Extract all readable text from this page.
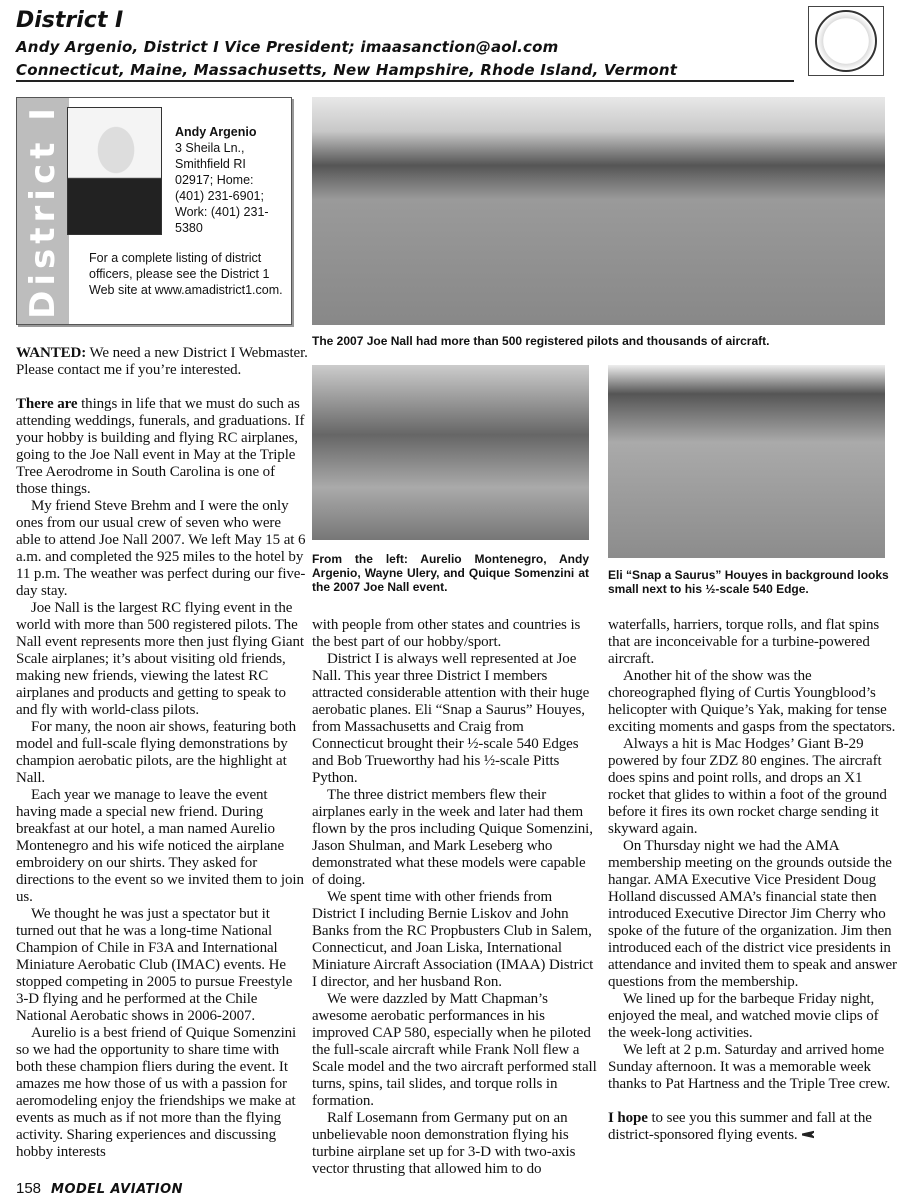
District I
Andy Argenio, District I Vice President; imaasanction@aol.com
Connecticut, Maine, Massachusetts, New Hampshire, Rhode Island, Vermont
District I	Andy Argenio
3 Sheila Ln.,
Smithfield RI
02917; Home:
(401) 231-6901;
Work: (401) 231-
5380
For a complete listing of district officers, please see the District 1 Web site at www.amadistrict1.com.
The 2007 Joe Nall had more than 500 registered pilots and thousands of aircraft.
From the left: Aurelio Montenegro, Andy Argenio, Wayne Ulery, and Quique Somenzini at the 2007 Joe Nall event.
Eli “Snap a Saurus” Houyes in background looks small next to his ½-scale 540 Edge.

WANTED: We need a new District I Webmaster. Please contact me if you’re interested.

There are things in life that we must do such as attending weddings, funerals, and graduations. If your hobby is building and flying RC airplanes, going to the Joe Nall event in May at the Triple Tree Aerodrome in South Carolina is one of those things.

My friend Steve Brehm and I were the only ones from our usual crew of seven who were able to attend Joe Nall 2007. We left May 15 at 6 a.m. and completed the 925 miles to the hotel by 11 p.m. The weather was perfect during our five-day stay.

Joe Nall is the largest RC flying event in the world with more than 500 registered pilots. The Nall event represents more then just flying Giant Scale airplanes; it’s about visiting old friends, making new friends, viewing the latest RC airplanes and products and getting to speak to and fly with world-class pilots.

For many, the noon air shows, featuring both model and full-scale flying demonstrations by champion aerobatic pilots, are the highlight at Nall.

Each year we manage to leave the event having made a special new friend. During breakfast at our hotel, a man named Aurelio Montenegro and his wife noticed the airplane embroidery on our shirts. They asked for directions to the event so we invited them to join us.

We thought he was just a spectator but it turned out that he was a long-time National Champion of Chile in F3A and International Miniature Aerobatic Club (IMAC) events. He stopped competing in 2005 to pursue Freestyle 3-D flying and he performed at the Chile National Aerobatic shows in 2006-2007.

Aurelio is a best friend of Quique Somenzini so we had the opportunity to share time with both these champion fliers during the event. It amazes me how those of us with a passion for aeromodeling enjoy the friendships we make at events as much as if not more than the flying activity. Sharing experiences and discussing hobby interests

with people from other states and countries is the best part of our hobby/sport.

District I is always well represented at Joe Nall. This year three District I members attracted considerable attention with their huge aerobatic planes. Eli “Snap a Saurus” Houyes, from Massachusetts and Craig from Connecticut brought their ½-scale 540 Edges and Bob Trueworthy had his ½-scale Pitts Python.

The three district members flew their airplanes early in the week and later had them flown by the pros including Quique Somenzini, Jason Shulman, and Mark Leseberg who demonstrated what these models were capable of doing.

We spent time with other friends from District I including Bernie Liskov and John Banks from the RC Propbusters Club in Salem, Connecticut, and Joan Liska, International Miniature Aircraft Association (IMAA) District I director, and her husband Ron.

We were dazzled by Matt Chapman’s awesome aerobatic performances in his improved CAP 580, especially when he piloted the full-scale aircraft while Frank Noll flew a Scale model and the two aircraft performed stall turns, spins, tail slides, and torque rolls in formation.

Ralf Losemann from Germany put on an unbelievable noon demonstration flying his turbine airplane set up for 3-D with two-axis vector thrusting that allowed him to do

waterfalls, harriers, torque rolls, and flat spins that are inconceivable for a turbine-powered aircraft.

Another hit of the show was the choreographed flying of Curtis Youngblood’s helicopter with Quique’s Yak, making for tense exciting moments and gasps from the spectators.

Always a hit is Mac Hodges’ Giant B-29 powered by four ZDZ 80 engines. The aircraft does spins and point rolls, and drops an X1 rocket that glides to within a foot of the ground before it fires its own rocket charge sending it skyward again.

On Thursday night we had the AMA membership meeting on the grounds outside the hangar. AMA Executive Vice President Doug Holland discussed AMA’s financial state then introduced Executive Director Jim Cherry who spoke of the future of the organization. Jim then introduced each of the district vice presidents in attendance and invited them to speak and answer questions from the membership.

We lined up for the barbeque Friday night, enjoyed the meal, and watched movie clips of the week-long activities.

We left at 2 p.m. Saturday and arrived home Sunday afternoon. It was a memorable week thanks to Pat Hartness and the Triple Tree crew.

I hope to see you this summer and fall at the district-sponsored flying events.

158 MODEL AVIATION
